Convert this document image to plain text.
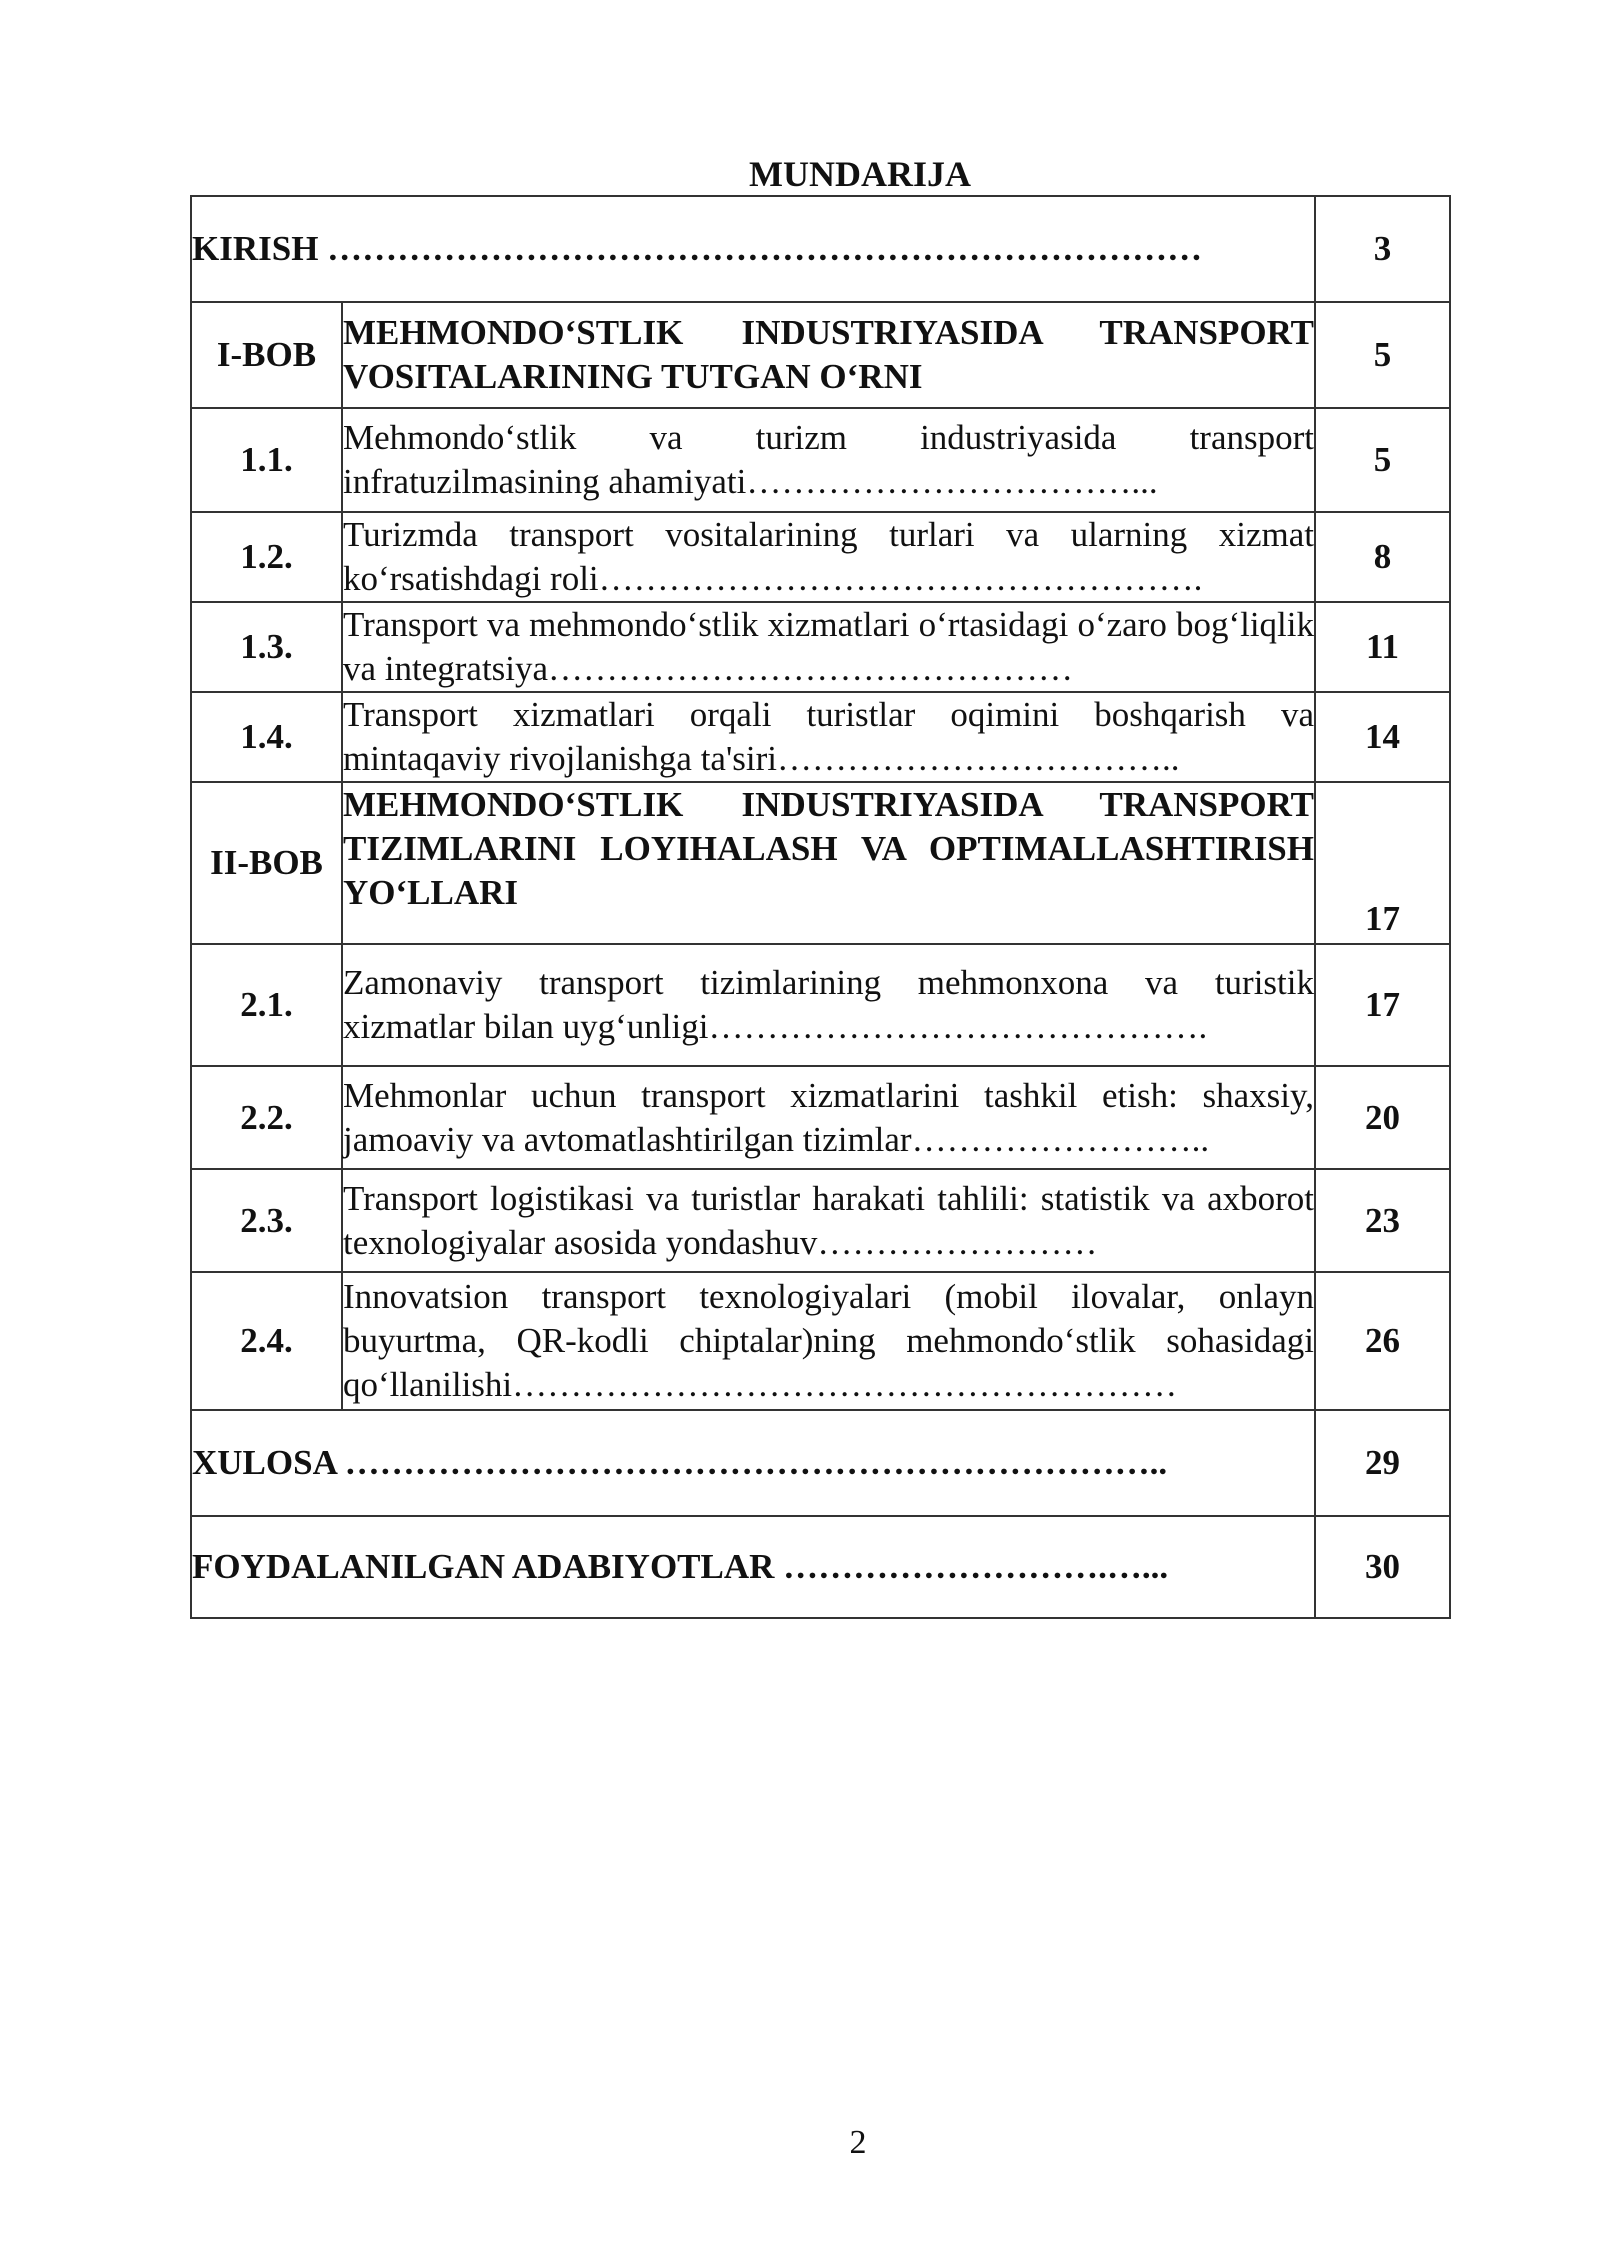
MUNDARIJA
KIRISH …………………………………………………………………		3
I-BOB	MEHMONDO‘STLIK INDUSTRIYASIDA TRANSPORT VOSITALARINING TUTGAN O‘RNI	5
1.1.	Mehmondo‘stlik va turizm industriyasida transport infratuzilmasining ahamiyati……………………………...	5
1.2.	Turizmda transport vositalarining turlari va ularning xizmat ko‘rsatishdagi roli…………………………………………….	8
1.3.	Transport va mehmondo‘stlik xizmatlari o‘rtasidagi o‘zaro bog‘liqlik va integratsiya………………………………………	11
1.4.	Transport xizmatlari orqali turistlar oqimini boshqarish va mintaqaviy rivojlanishga ta'siri……………………………..	14
II-BOB	MEHMONDO‘STLIK INDUSTRIYASIDA TRANSPORT TIZIMLARINI LOYIHALASH VA OPTIMALLASHTIRISH YO‘LLARI	17
2.1.	Zamonaviy transport tizimlarining mehmonxona va turistik xizmatlar bilan uyg‘unligi…………………………………….	17
2.2.	Mehmonlar uchun transport xizmatlarini tashkil etish: shaxsiy, jamoaviy va avtomatlashtirilgan tizimlar……………………..	20
2.3.	Transport logistikasi va turistlar harakati tahlili: statistik va axborot texnologiyalar asosida yondashuv……………………	23
2.4.	Innovatsion transport texnologiyalari (mobil ilovalar, onlayn buyurtma, QR-kodli chiptalar)ning mehmondo‘stlik sohasidagi qo‘llanilishi…………………………………………………	26
XULOSA ……………………………………………………………..		29
FOYDALANILGAN ADABIYOTLAR ……………………….…...		30
2
